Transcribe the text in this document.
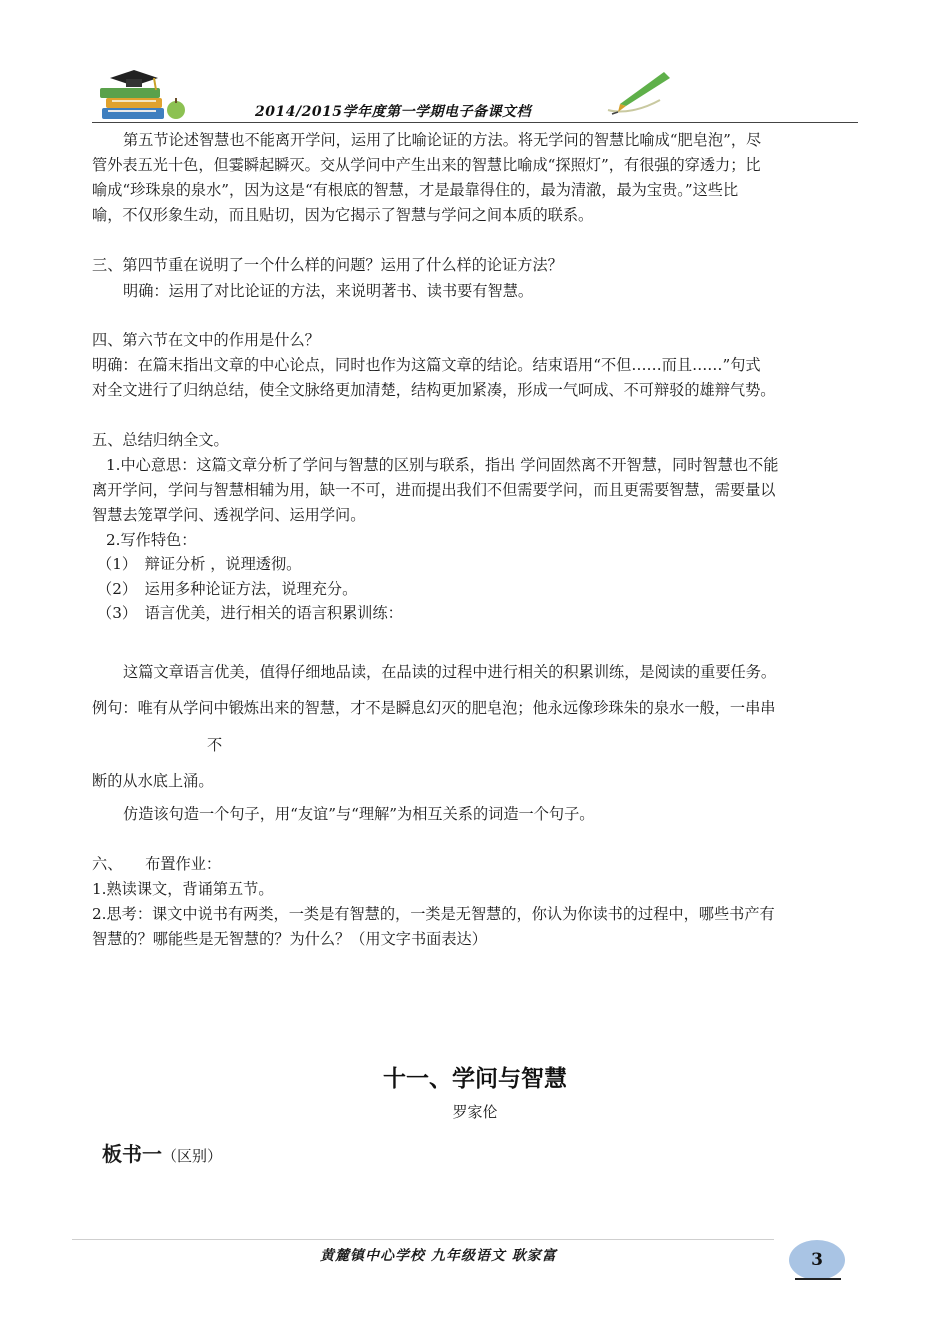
2014/2015学年度第一学期电子备课文档
第五节论述智慧也不能离开学问，运用了比喻论证的方法。将无学问的智慧比喻成“肥皂泡”，尽
管外表五光十色，但霎瞬起瞬灭。交从学问中产生出来的智慧比喻成“探照灯”，有很强的穿透力；比
喻成“珍珠泉的泉水”，因为这是“有根底的智慧，才是最靠得住的，最为清澈，最为宝贵。”这些比
喻，不仅形象生动，而且贴切，因为它揭示了智慧与学问之间本质的联系。
三、第四节重在说明了一个什么样的问题？运用了什么样的论证方法？
明确：运用了对比论证的方法，来说明著书、读书要有智慧。
四、第六节在文中的作用是什么？
明确：在篇末指出文章的中心论点，同时也作为这篇文章的结论。结束语用“不但……而且……”句式
对全文进行了归纳总结，使全文脉络更加清楚，结构更加紧凑，形成一气呵成、不可辩驳的雄辩气势。
五、总结归纳全文。
1.中心意思：这篇文章分析了学问与智慧的区别与联系，指出 学问固然离不开智慧，同时智慧也不能
离开学问，学问与智慧相辅为用，缺一不可，进而提出我们不但需要学问，而且更需要智慧，需要量以
智慧去笼罩学问、透视学问、运用学问。
2.写作特色：
（1）　辩证分析 ，说理透彻。
（2）　运用多种论证方法，说理充分。
（3）　语言优美，进行相关的语言积累训练：
这篇文章语言优美，值得仔细地品读，在品读的过程中进行相关的积累训练，是阅读的重要任务。
例句：唯有从学问中锻炼出来的智慧，才不是瞬息幻灭的肥皂泡；他永远像珍珠朱的泉水一般，一串串
不
断的从水底上涌。
仿造该句造一个句子，用“友谊”与“理解”为相互关系的词造一个句子。
六、　　布置作业：
1.熟读课文，背诵第五节。
2.思考：课文中说书有两类，一类是有智慧的，一类是无智慧的，你认为你读书的过程中，哪些书产有
智慧的？哪能些是无智慧的？为什么？（用文字书面表达）
十一、学问与智慧
罗家伦
板书一（区别）
黄麓镇中心学校 九年级语文 耿家富	3
